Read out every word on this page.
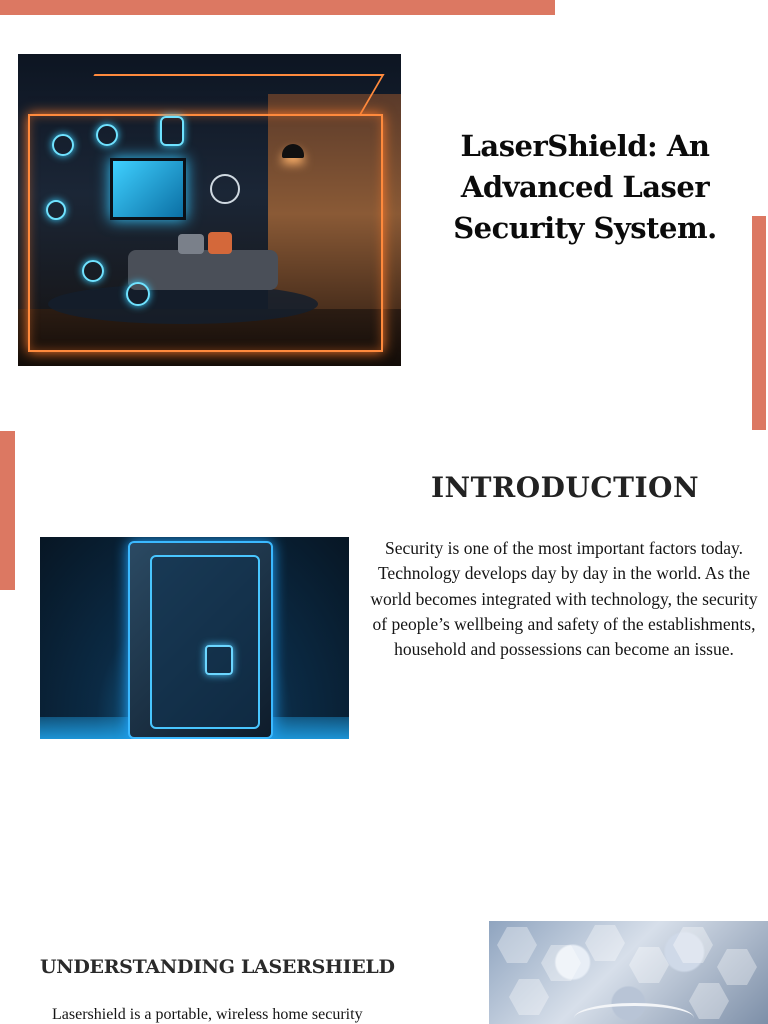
LaserShield: An Advanced Laser Security System.
INTRODUCTION
Security is one of the most important factors today. Technology develops day by day in the world. As the world becomes integrated with technology, the security of people’s wellbeing and safety of the establishments, household and possessions can become an issue.
UNDERSTANDING LASERSHIELD
Lasershield is a portable, wireless home security
